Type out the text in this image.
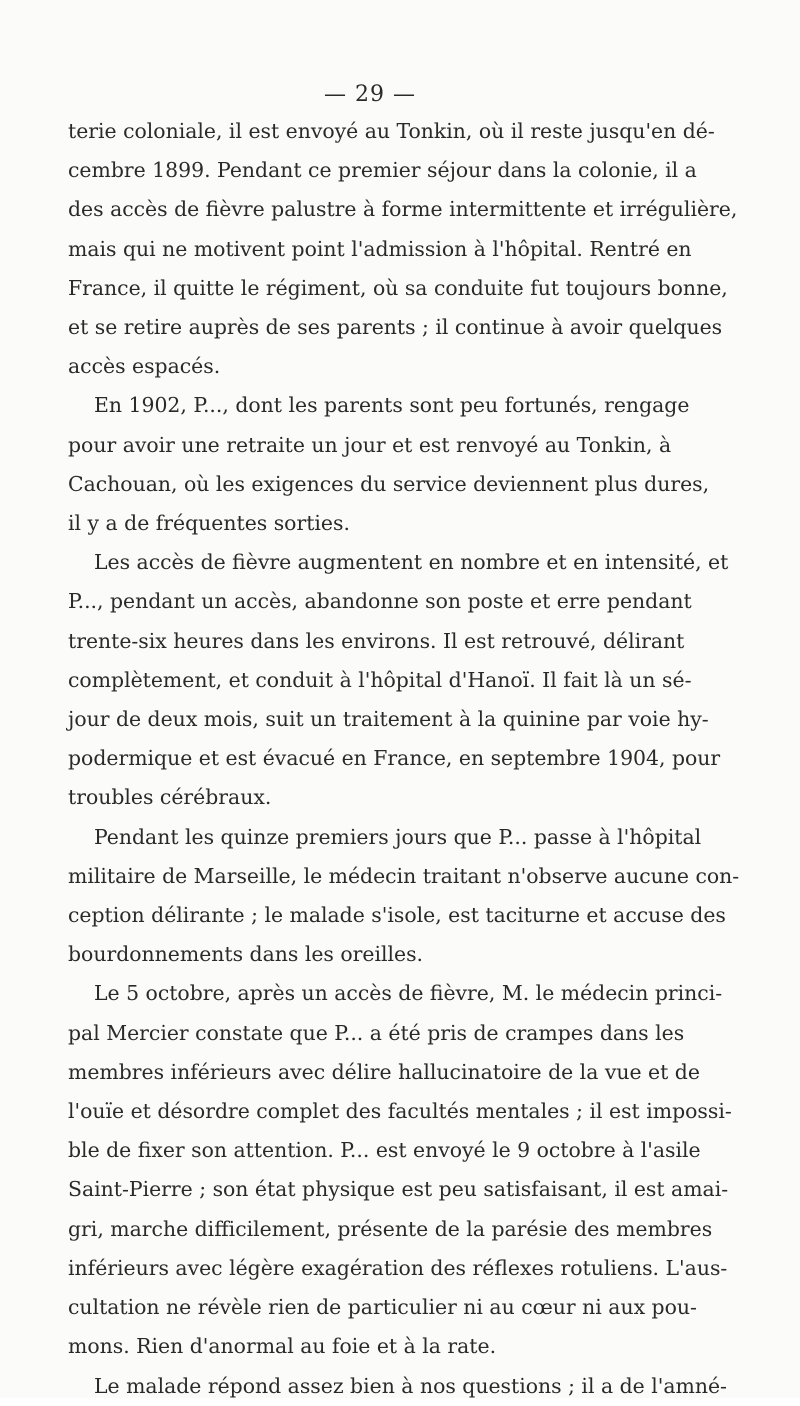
— 29 —
terie coloniale, il est envoyé au Tonkin, où il reste jusqu'en dé-
cembre 1899. Pendant ce premier séjour dans la colonie, il a
des accès de fièvre palustre à forme intermittente et irrégulière,
mais qui ne motivent point l'admission à l'hôpital. Rentré en
France, il quitte le régiment, où sa conduite fut toujours bonne,
et se retire auprès de ses parents ; il continue à avoir quelques
accès espacés.
En 1902, P..., dont les parents sont peu fortunés, rengage
pour avoir une retraite un jour et est renvoyé au Tonkin, à
Cachouan, où les exigences du service deviennent plus dures,
il y a de fréquentes sorties.
Les accès de fièvre augmentent en nombre et en intensité, et
P..., pendant un accès, abandonne son poste et erre pendant
trente-six heures dans les environs. Il est retrouvé, délirant
complètement, et conduit à l'hôpital d'Hanoï. Il fait là un sé-
jour de deux mois, suit un traitement à la quinine par voie hy-
podermique et est évacué en France, en septembre 1904, pour
troubles cérébraux.
Pendant les quinze premiers jours que P... passe à l'hôpital
militaire de Marseille, le médecin traitant n'observe aucune con-
ception délirante ; le malade s'isole, est taciturne et accuse des
bourdonnements dans les oreilles.
Le 5 octobre, après un accès de fièvre, M. le médecin princi-
pal Mercier constate que P... a été pris de crampes dans les
membres inférieurs avec délire hallucinatoire de la vue et de
l'ouïe et désordre complet des facultés mentales ; il est impossi-
ble de fixer son attention. P... est envoyé le 9 octobre à l'asile
Saint-Pierre ; son état physique est peu satisfaisant, il est amai-
gri, marche difficilement, présente de la parésie des membres
inférieurs avec légère exagération des réflexes rotuliens. L'aus-
cultation ne révèle rien de particulier ni au cœur ni aux pou-
mons. Rien d'anormal au foie et à la rate.
Le malade répond assez bien à nos questions ; il a de l'amné-
